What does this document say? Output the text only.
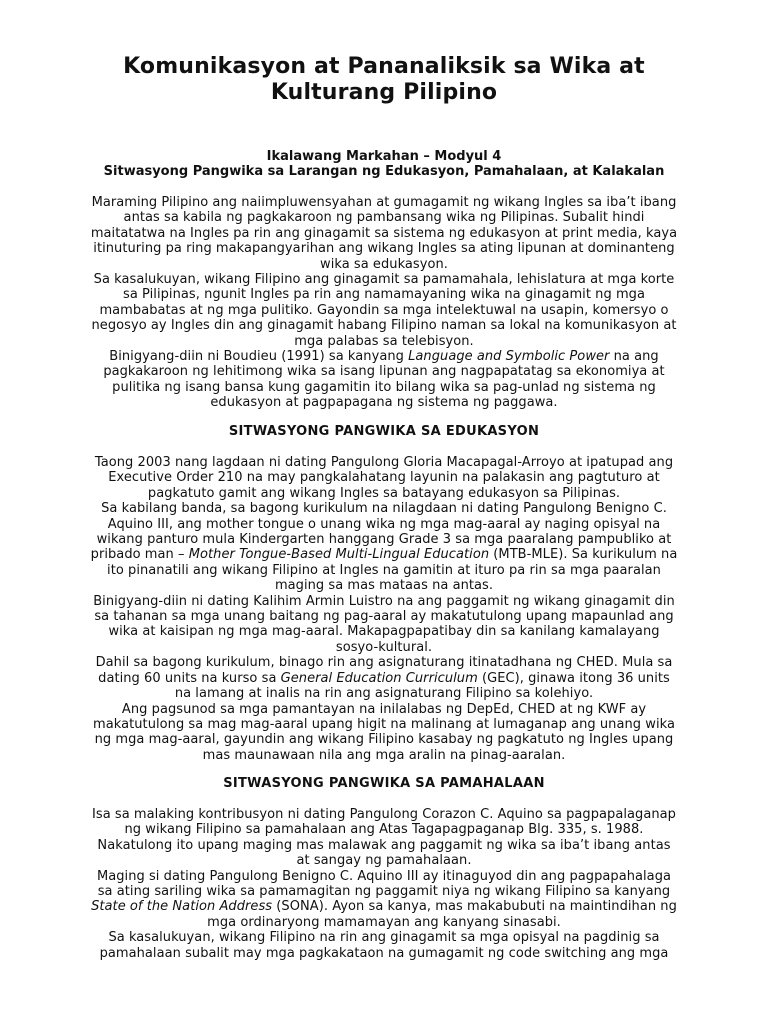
Komunikasyon at Pananaliksik sa Wika at
Kulturang Pilipino

Ikalawang Markahan – Modyul 4

Sitwasyong Pangwika sa Larangan ng Edukasyon, Pamahalaan, at Kalakalan

Maraming Pilipino ang naiimpluwensyahan at gumagamit ng wikang Ingles sa iba’t ibang
antas sa kabila ng pagkakaroon ng pambansang wika ng Pilipinas. Subalit hindi
maitatatwa na Ingles pa rin ang ginagamit sa sistema ng edukasyon at print media, kaya
itinuturing pa ring makapangyarihan ang wikang Ingles sa ating lipunan at dominanteng
wika sa edukasyon.
Sa kasalukuyan, wikang Filipino ang ginagamit sa pamamahala, lehislatura at mga korte
sa Pilipinas, ngunit Ingles pa rin ang namamayaning wika na ginagamit ng mga
mambabatas at ng mga pulitiko. Gayondin sa mga intelektuwal na usapin, komersyo o
negosyo ay Ingles din ang ginagamit habang Filipino naman sa lokal na komunikasyon at
mga palabas sa telebisyon.
Binigyang-diin ni Boudieu (1991) sa kanyang Language and Symbolic Power na ang
pagkakaroon ng lehitimong wika sa isang lipunan ang nagpapatatag sa ekonomiya at
pulitika ng isang bansa kung gagamitin ito bilang wika sa pag-unlad ng sistema ng
edukasyon at pagpapagana ng sistema ng paggawa.
SITWASYONG PANGWIKA SA EDUKASYON
Taong 2003 nang lagdaan ni dating Pangulong Gloria Macapagal-Arroyo at ipatupad ang
Executive Order 210 na may pangkalahatang layunin na palakasin ang pagtuturo at
pagkatuto gamit ang wikang Ingles sa batayang edukasyon sa Pilipinas.
Sa kabilang banda, sa bagong kurikulum na nilagdaan ni dating Pangulong Benigno C.
Aquino III, ang mother tongue o unang wika ng mga mag-aaral ay naging opisyal na
wikang panturo mula Kindergarten hanggang Grade 3 sa mga paaralang pampubliko at
pribado man – Mother Tongue-Based Multi-Lingual Education (MTB-MLE). Sa kurikulum na
ito pinanatili ang wikang Filipino at Ingles na gamitin at ituro pa rin sa mga paaralan
maging sa mas mataas na antas.
Binigyang-diin ni dating Kalihim Armin Luistro na ang paggamit ng wikang ginagamit din
sa tahanan sa mga unang baitang ng pag-aaral ay makatutulong upang mapaunlad ang
wika at kaisipan ng mga mag-aaral. Makapagpapatibay din sa kanilang kamalayang
sosyo-kultural.
Dahil sa bagong kurikulum, binago rin ang asignaturang itinatadhana ng CHED. Mula sa
dating 60 units na kurso sa General Education Curriculum (GEC), ginawa itong 36 units
na lamang at inalis na rin ang asignaturang Filipino sa kolehiyo.
Ang pagsunod sa mga pamantayan na inilalabas ng DepEd, CHED at ng KWF ay
makatutulong sa mag mag-aaral upang higit na malinang at lumaganap ang unang wika
ng mga mag-aaral, gayundin ang wikang Filipino kasabay ng pagkatuto ng Ingles upang
mas maunawaan nila ang mga aralin na pinag-aaralan.
SITWASYONG PANGWIKA SA PAMAHALAAN
Isa sa malaking kontribusyon ni dating Pangulong Corazon C. Aquino sa pagpapalaganap
ng wikang Filipino sa pamahalaan ang Atas Tagapagpaganap Blg. 335, s. 1988.
Nakatulong ito upang maging mas malawak ang paggamit ng wika sa iba’t ibang antas
at sangay ng pamahalaan.
Maging si dating Pangulong Benigno C. Aquino III ay itinaguyod din ang pagpapahalaga
sa ating sariling wika sa pamamagitan ng paggamit niya ng wikang Filipino sa kanyang
State of the Nation Address (SONA). Ayon sa kanya, mas makabubuti na maintindihan ng
mga ordinaryong mamamayan ang kanyang sinasabi.
Sa kasalukuyan, wikang Filipino na rin ang ginagamit sa mga opisyal na pagdinig sa
pamahalaan subalit may mga pagkakataon na gumagamit ng code switching ang mga
